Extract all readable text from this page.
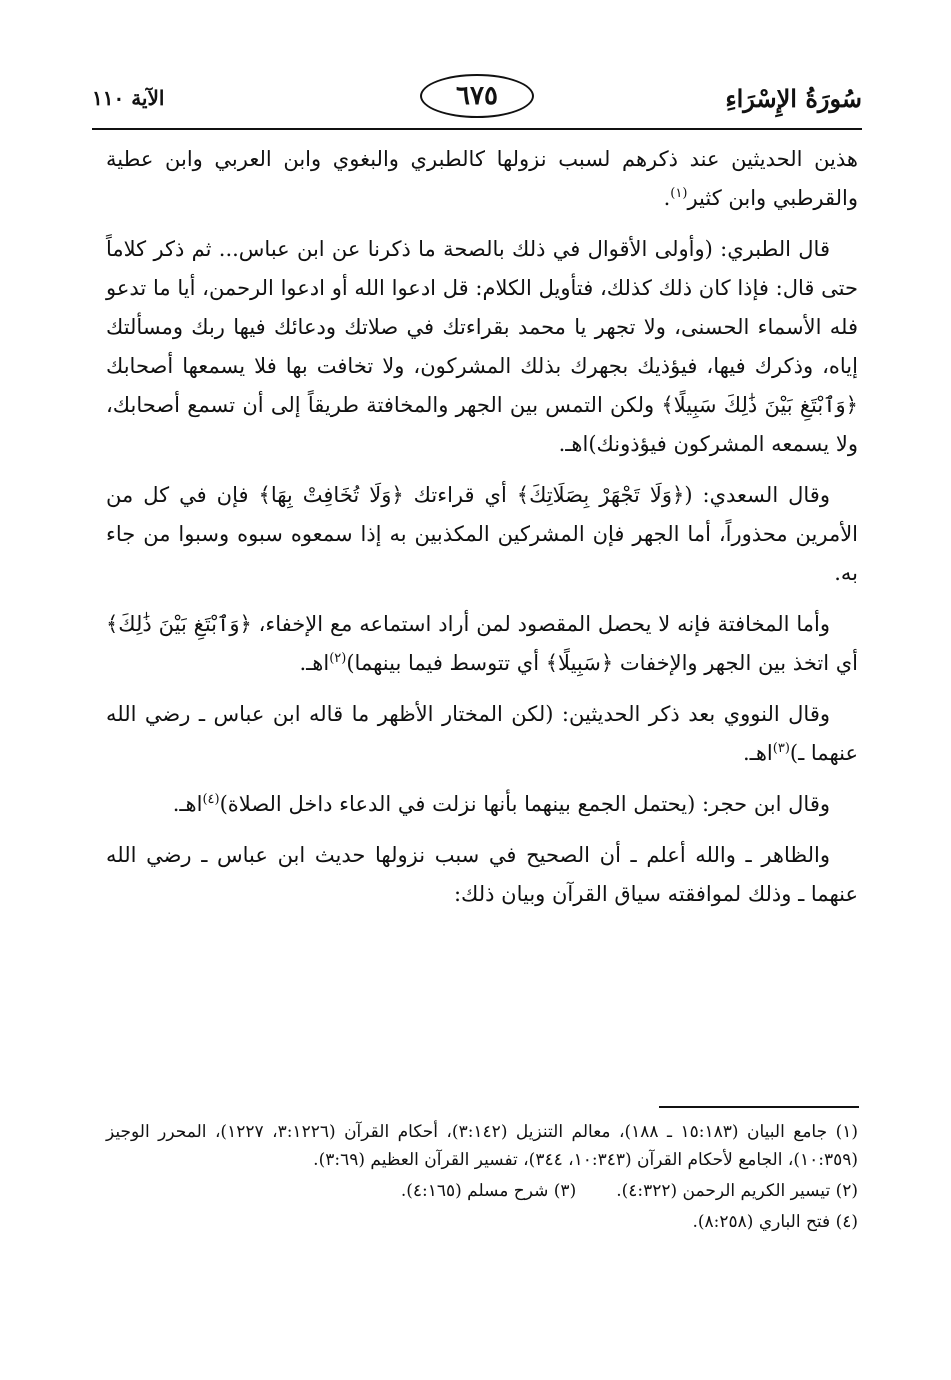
سُورَةُ الإِسْرَاءِ
٦٧٥
الآية ١١٠

هذين الحديثين عند ذكرهم لسبب نزولها كالطبري والبغوي وابن العربي وابن عطية والقرطبي وابن كثير$^{(١)}$.

قال الطبري: (وأولى الأقوال في ذلك بالصحة ما ذكرنا عن ابن عباس... ثم ذكر كلاماً حتى قال: فإذا كان ذلك كذلك، فتأويل الكلام: قل ادعوا الله أو ادعوا الرحمن، أيا ما تدعو فله الأسماء الحسنى، ولا تجهر يا محمد بقراءتك في صلاتك ودعائك فيها ربك ومسألتك إياه، وذكرك فيها، فيؤذيك بجهرك بذلك المشركون، ولا تخافت بها فلا يسمعها أصحابك ﴿وَٱبْتَغِ بَيْنَ ذَٰلِكَ سَبِيلًا﴾ ولكن التمس بين الجهر والمخافتة طريقاً إلى أن تسمع أصحابك، ولا يسمعه المشركون فيؤذونك)اهـ.

وقال السعدي: (﴿وَلَا تَجْهَرْ بِصَلَاتِكَ﴾ أي قراءتك ﴿وَلَا تُخَافِتْ بِهَا﴾ فإن في كل من الأمرين محذوراً، أما الجهر فإن المشركين المكذبين به إذا سمعوه سبوه وسبوا من جاء به.

وأما المخافتة فإنه لا يحصل المقصود لمن أراد استماعه مع الإخفاء، ﴿وَٱبْتَغِ بَيْنَ ذَٰلِكَ﴾ أي اتخذ بين الجهر والإخفات ﴿سَبِيلًا﴾ أي تتوسط فيما بينهما)$^{(٢)}$اهـ.

وقال النووي بعد ذكر الحديثين: (لكن المختار الأظهر ما قاله ابن عباس ـ رضي الله عنهما ـ)$^{(٣)}$اهـ.

وقال ابن حجر: (يحتمل الجمع بينهما بأنها نزلت في الدعاء داخل الصلاة)$^{(٤)}$اهـ.

والظاهر ـ والله أعلم ـ أن الصحيح في سبب نزولها حديث ابن عباس ـ رضي الله عنهما ـ وذلك لموافقته سياق القرآن وبيان ذلك:

(١) جامع البيان (١٥:١٨٣ ـ ١٨٨)، معالم التنزيل (٣:١٤٢)، أحكام القرآن (٣:١٢٢٦، ١٢٢٧)، المحرر الوجيز (١٠:٣٥٩)، الجامع لأحكام القرآن (١٠:٣٤٣، ٣٤٤)، تفسير القرآن العظيم (٣:٦٩).

(٢) تيسير الكريم الرحمن (٤:٣٢٢).
(٣) شرح مسلم (٤:١٦٥).

(٤) فتح الباري (٨:٢٥٨).
